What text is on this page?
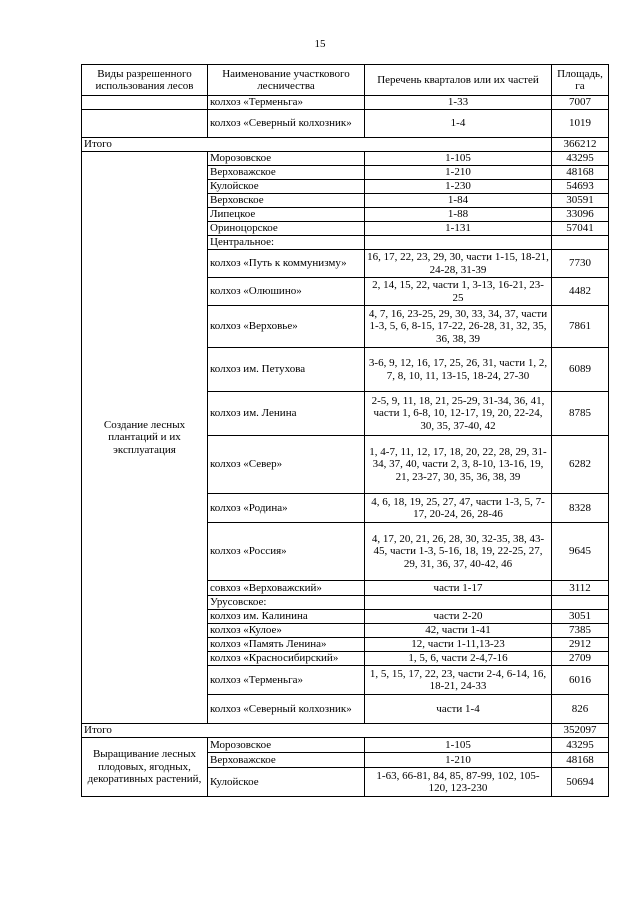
15
Виды разрешенного использования лесов	Наименование участкового лесничества	Перечень кварталов или их частей	Площадь, га
	колхоз «Терменьга»	1-33	7007
	колхоз «Северный колхозник»	1-4	1019
Итого			366212
Создание лесных плантаций и их эксплуатация	Морозовское	1-105	43295
	Верховажское	1-210	48168
	Кулойское	1-230	54693
	Верховское	1-84	30591
	Липецкое	1-88	33096
	Ориноцорское	1-131	57041
	Центральное:		
	колхоз «Путь к коммунизму»	16, 17, 22, 23, 29, 30, части 1-15, 18-21, 24-28, 31-39	7730
	колхоз «Олюшино»	2, 14, 15, 22, части 1, 3-13, 16-21, 23-25	4482
	колхоз «Верховье»	4, 7, 16, 23-25, 29, 30, 33, 34, 37, части 1-3, 5, 6, 8-15, 17-22, 26-28, 31, 32, 35, 36, 38, 39	7861
	колхоз им. Петухова	3-6, 9, 12, 16, 17, 25, 26, 31, части 1, 2, 7, 8, 10, 11, 13-15, 18-24, 27-30	6089
	колхоз им. Ленина	2-5, 9, 11, 18, 21, 25-29, 31-34, 36, 41, части 1, 6-8, 10, 12-17, 19, 20, 22-24, 30, 35, 37-40, 42	8785
	колхоз «Север»	1, 4-7, 11, 12, 17, 18, 20, 22, 28, 29, 31-34, 37, 40, части 2, 3, 8-10, 13-16, 19, 21, 23-27, 30, 35, 36, 38, 39	6282
	колхоз «Родина»	4, 6, 18, 19, 25, 27, 47, части 1-3, 5, 7-17, 20-24, 26, 28-46	8328
	колхоз «Россия»	4, 17, 20, 21, 26, 28, 30, 32-35, 38, 43-45, части 1-3, 5-16, 18, 19, 22-25, 27, 29, 31, 36, 37, 40-42, 46	9645
	совхоз «Верховажский»	части 1-17	3112
	Урусовское:		
	колхоз им. Калинина	части 2-20	3051
	колхоз «Кулое»	42, части 1-41	7385
	колхоз «Память Ленина»	12, части 1-11,13-23	2912
	колхоз «Красносибирский»	1, 5, 6, части 2-4,7-16	2709
	колхоз «Терменьга»	1, 5, 15, 17, 22, 23, части 2-4, 6-14, 16, 18-21, 24-33	6016
	колхоз «Северный колхозник»	части 1-4	826
Итого			352097
Выращивание лесных плодовых, ягодных, декоративных растений,	Морозовское	1-105	43295
	Верховажское	1-210	48168
	Кулойское	1-63, 66-81, 84, 85, 87-99, 102, 105-120, 123-230	50694
